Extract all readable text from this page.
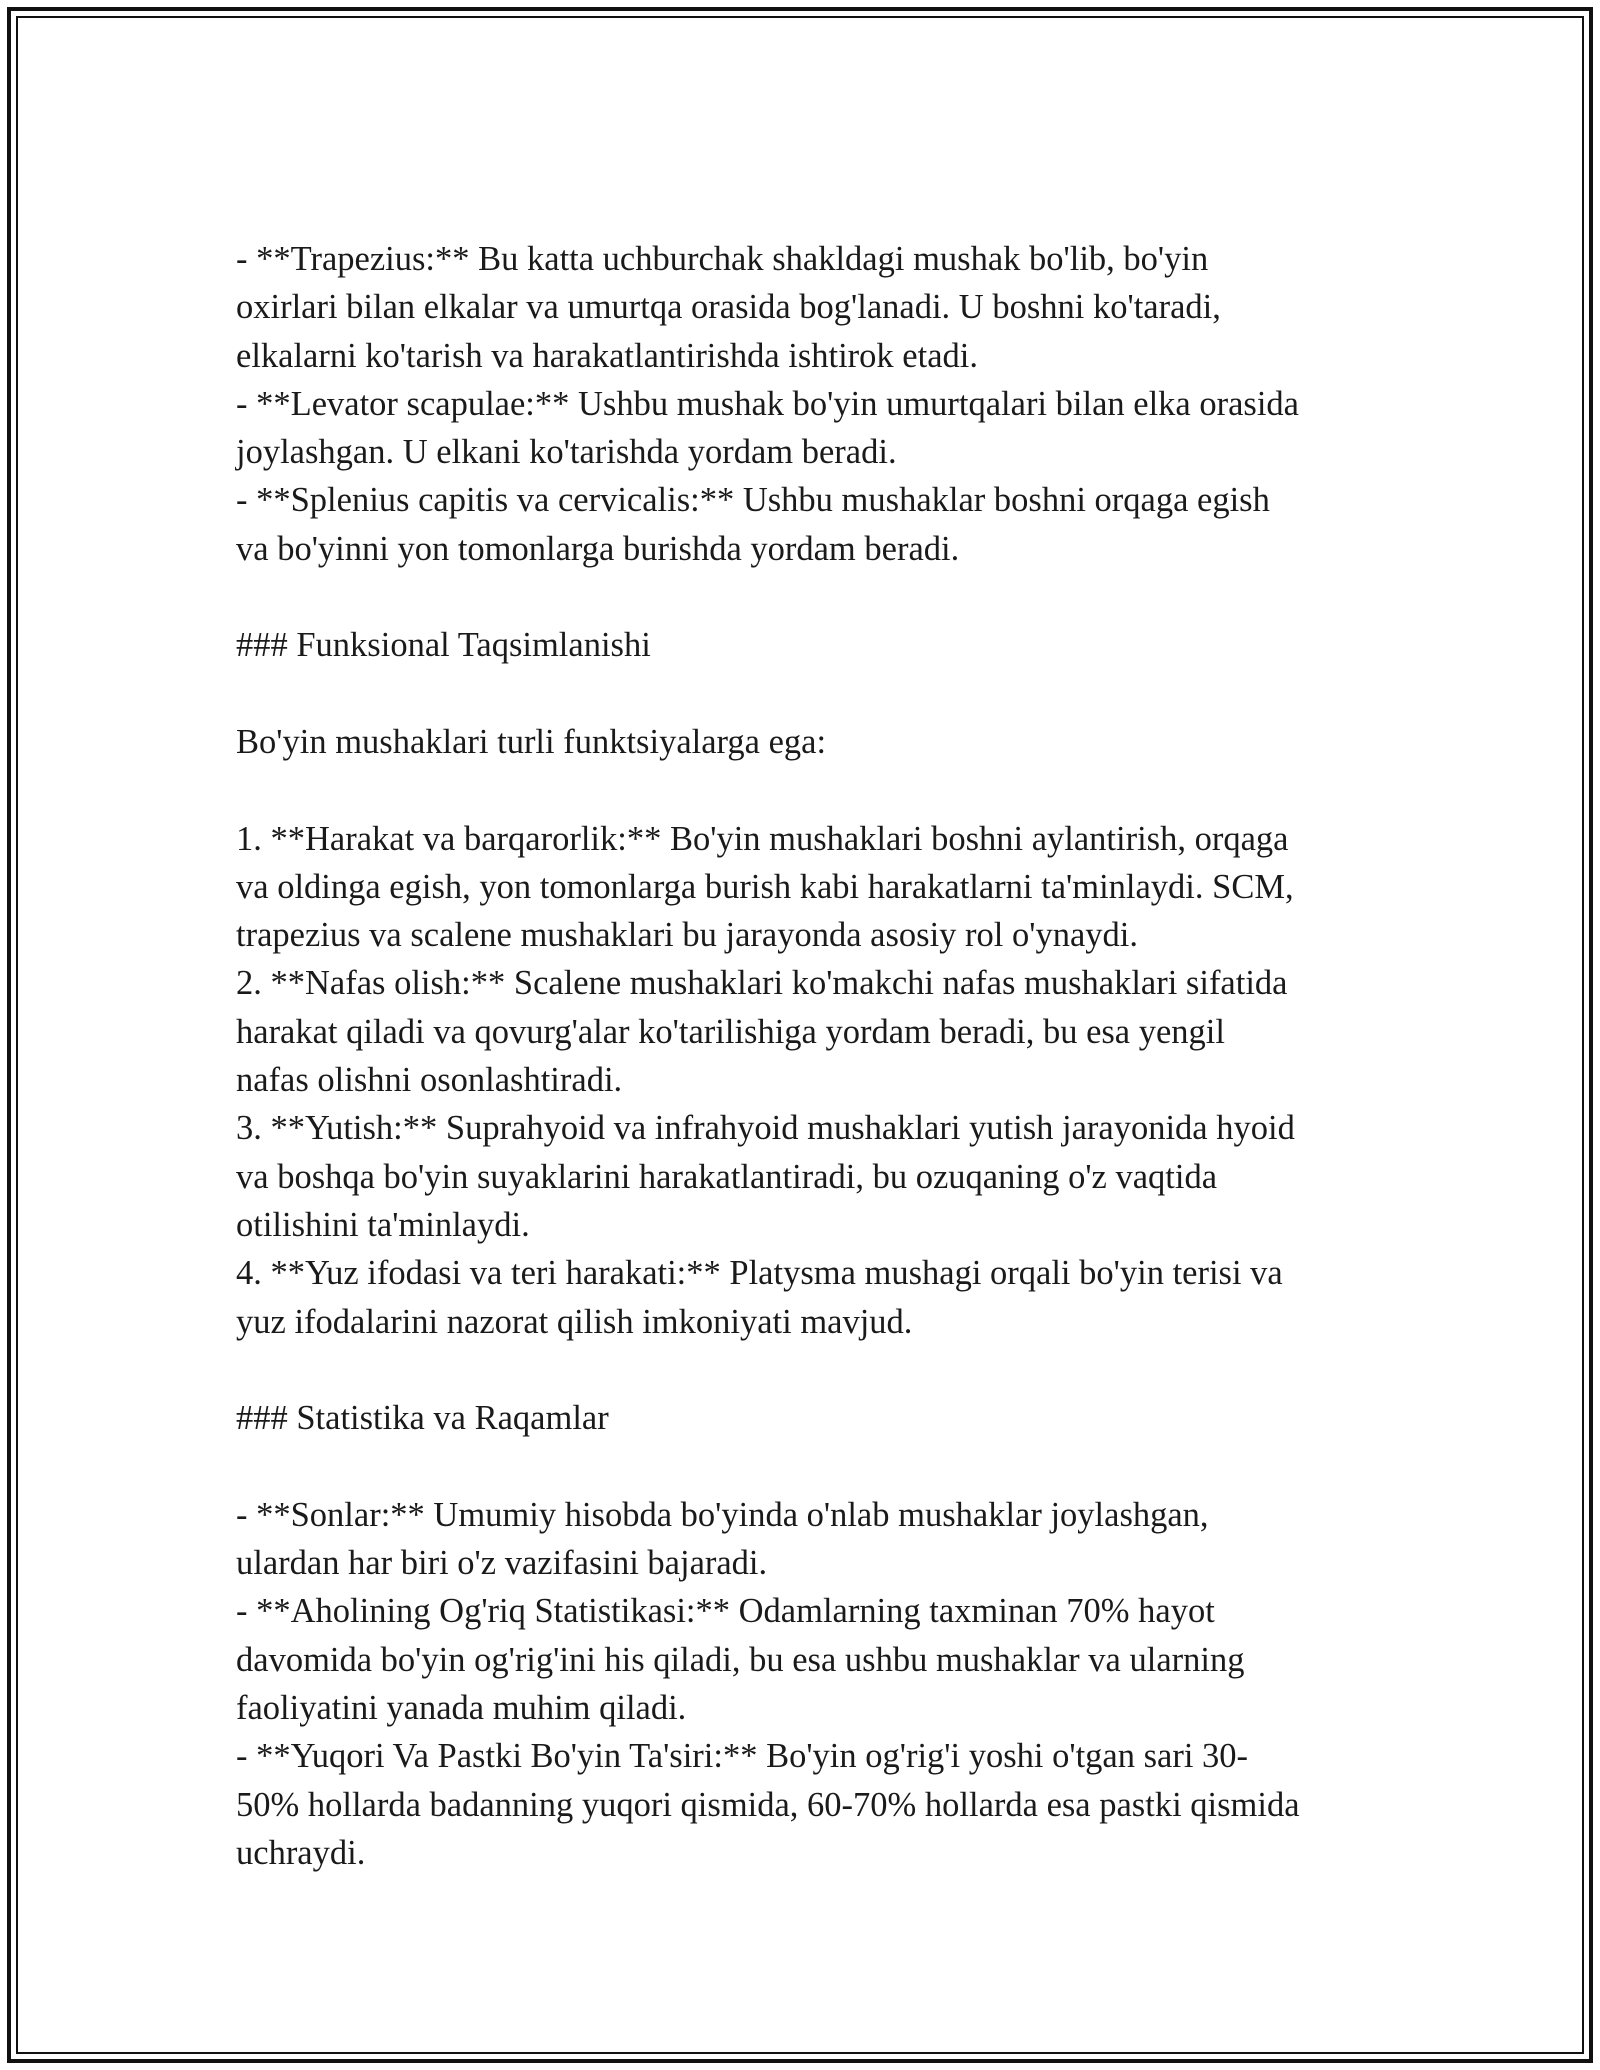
- **Trapezius:** Bu katta uchburchak shakldagi mushak bo'lib, bo'yin
oxirlari bilan elkalar va umurtqa orasida bog'lanadi. U boshni ko'taradi,
elkalarni ko'tarish va harakatlantirishda ishtirok etadi.
- **Levator scapulae:** Ushbu mushak bo'yin umurtqalari bilan elka orasida
joylashgan. U elkani ko'tarishda yordam beradi.
- **Splenius capitis va cervicalis:** Ushbu mushaklar boshni orqaga egish
va bo'yinni yon tomonlarga burishda yordam beradi.
### Funksional Taqsimlanishi
Bo'yin mushaklari turli funktsiyalarga ega:
1. **Harakat va barqarorlik:** Bo'yin mushaklari boshni aylantirish, orqaga
va oldinga egish, yon tomonlarga burish kabi harakatlarni ta'minlaydi. SCM,
trapezius va scalene mushaklari bu jarayonda asosiy rol o'ynaydi.
2. **Nafas olish:** Scalene mushaklari ko'makchi nafas mushaklari sifatida
harakat qiladi va qovurg'alar ko'tarilishiga yordam beradi, bu esa yengil
nafas olishni osonlashtiradi.
3. **Yutish:** Suprahyoid va infrahyoid mushaklari yutish jarayonida hyoid
va boshqa bo'yin suyaklarini harakatlantiradi, bu ozuqaning o'z vaqtida
otilishini ta'minlaydi.
4. **Yuz ifodasi va teri harakati:** Platysma mushagi orqali bo'yin terisi va
yuz ifodalarini nazorat qilish imkoniyati mavjud.
### Statistika va Raqamlar
- **Sonlar:** Umumiy hisobda bo'yinda o'nlab mushaklar joylashgan,
ulardan har biri o'z vazifasini bajaradi.
- **Aholining Og'riq Statistikasi:** Odamlarning taxminan 70% hayot
davomida bo'yin og'rig'ini his qiladi, bu esa ushbu mushaklar va ularning
faoliyatini yanada muhim qiladi.
- **Yuqori Va Pastki Bo'yin Ta'siri:** Bo'yin og'rig'i yoshi o'tgan sari 30-
50% hollarda badanning yuqori qismida, 60-70% hollarda esa pastki qismida
uchraydi.
